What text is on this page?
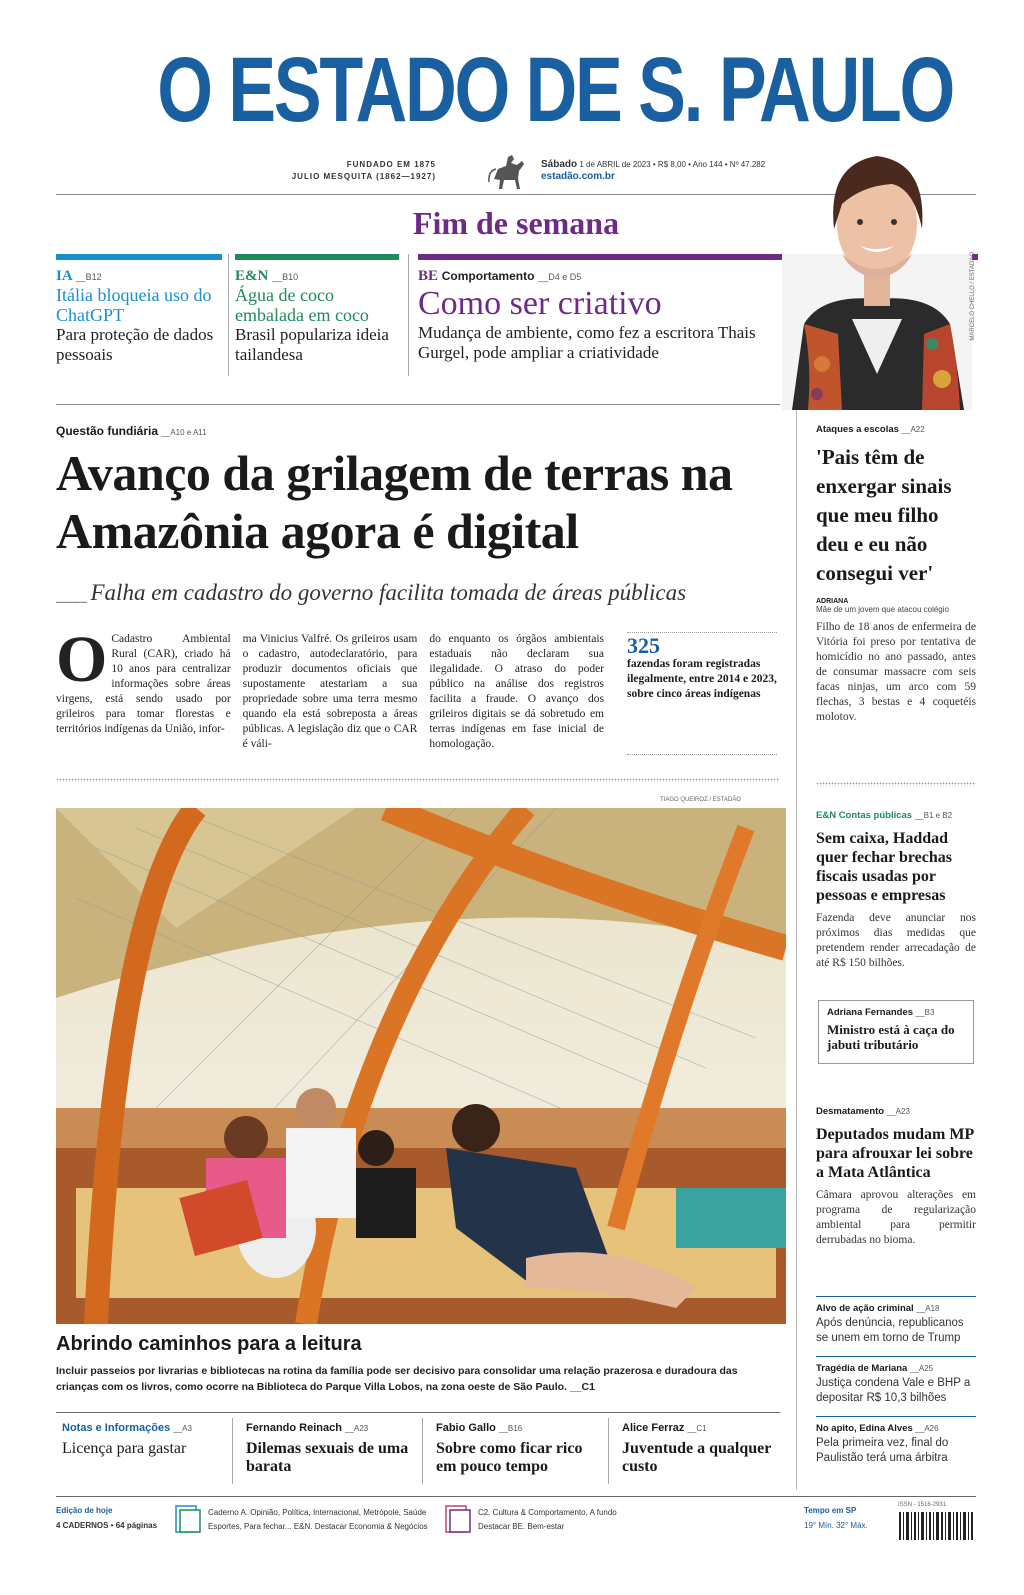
O ESTADO DE S. PAULO
FUNDADO EM 1875
JULIO MESQUITA (1862—1927)
Sábado 1 de ABRIL de 2023 • R$ 8,00 • Ano 144 • Nº 47.282
estadão.com.br
Fim de semana
IA __B12
Itália bloqueia uso do ChatGPT
Para proteção de dados pessoais
E&N __B10
Água de coco embalada em coco
Brasil populariza ideia tailandesa
BE Comportamento __D4 e D5
Como ser criativo
Mudança de ambiente, como fez a escritora Thais Gurgel, pode ampliar a criatividade
MARCELO CHELLO / ESTADÃO
Questão fundiária __A10 e A11
Avanço da grilagem de terras na Amazônia agora é digital
___ Falha em cadastro do governo facilita tomada de áreas públicas

O Cadastro Ambiental Rural (CAR), criado há 10 anos para centralizar informações sobre áreas virgens, está sendo usado por grileiros para tomar florestas e territórios indígenas da União, infor-

ma Vinicius Valfré. Os grileiros usam o cadastro, autodeclaratório, para produzir documentos oficiais que supostamente atestariam a sua propriedade sobre uma terra mesmo quando ela está sobreposta a áreas públicas. A legislação diz que o CAR é váli-

do enquanto os órgãos ambientais estaduais não declaram sua ilegalidade. O atraso do poder público na análise dos registros facilita a fraude. O avanço dos grileiros digitais se dá sobretudo em terras indígenas em fase inicial de homologação.

325
fazendas foram registradas ilegalmente, entre 2014 e 2023, sobre cinco áreas indígenas
TIAGO QUEIROZ / ESTADÃO
Abrindo caminhos para a leitura
Incluir passeios por livrarias e bibliotecas na rotina da família pode ser decisivo para consolidar uma relação prazerosa e duradoura das crianças com os livros, como ocorre na Biblioteca do Parque Villa Lobos, na zona oeste de São Paulo. __C1
Notas e Informações __A3
Licença para gastar
Fernando Reinach __A23
Dilemas sexuais de uma barata
Fabio Gallo __B16
Sobre como ficar rico em pouco tempo
Alice Ferraz __C1
Juventude a qualquer custo
Edição de hoje
4 CADERNOS • 64 páginas
Caderno A. Opinião, Política, Internacional, Metrópole, Saúde
Esportes, Para fechar... E&N. Destacar Economia & Negócios
C2. Cultura & Comportamento, A fundo
Destacar BE. Bem-estar
Tempo em SP
19° Mín. 32° Máx.
ISSN - 1516-2931
Ataques a escolas __A22
'Pais têm de enxergar sinais que meu filho deu e eu não consegui ver'
ADRIANA
Mãe de um jovem que atacou colégio
Filho de 18 anos de enfermeira de Vitória foi preso por tentativa de homicídio no ano passado, antes de consumar massacre com seis facas ninjas, um arco com 59 flechas, 3 bestas e 4 coquetéis molotov.
E&N Contas públicas __B1 e B2
Sem caixa, Haddad quer fechar brechas fiscais usadas por pessoas e empresas
Fazenda deve anunciar nos próximos dias medidas que pretendem render arrecadação de até R$ 150 bilhões.
Adriana Fernandes __B3
Ministro está à caça do jabuti tributário
Desmatamento __A23
Deputados mudam MP para afrouxar lei sobre a Mata Atlântica
Câmara aprovou alterações em programa de regularização ambiental para permitir derrubadas no bioma.
Alvo de ação criminal __A18
Após denúncia, republicanos se unem em torno de Trump
Tragédia de Mariana __A25
Justiça condena Vale e BHP a depositar R$ 10,3 bilhões
No apito, Edina Alves __A26
Pela primeira vez, final do Paulistão terá uma árbitra
